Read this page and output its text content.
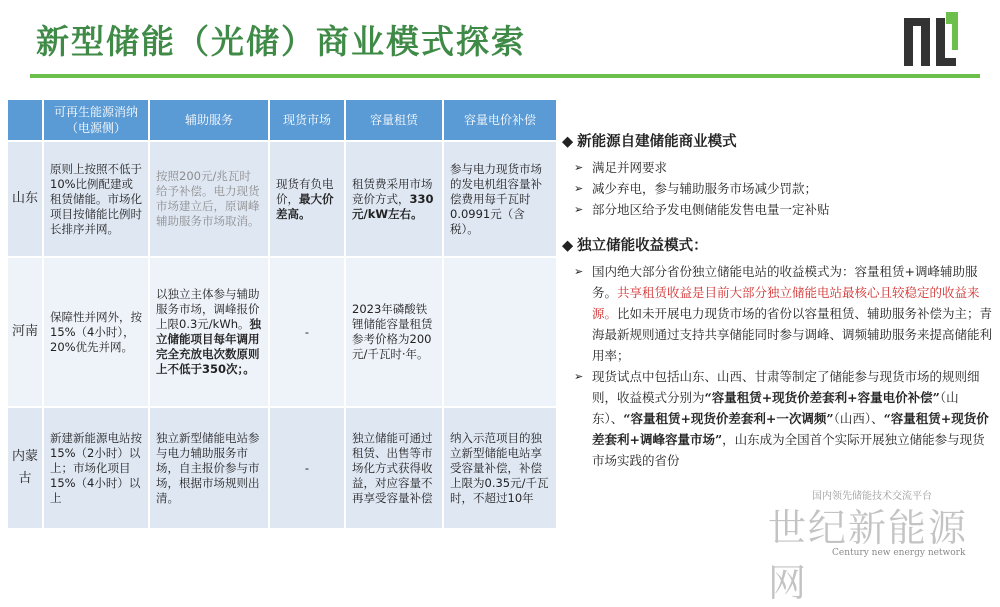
新型储能（光储）商业模式探索
	可再生能源消纳（电源侧）	辅助服务	现货市场	容量租赁	容量电价补偿
山东	原则上按照不低于10%比例配建或租赁储能。市场化项目按储能比例时长排序并网。	按照200元/兆瓦时给予补偿。电力现货市场建立后，原调峰辅助服务市场取消。	现货有负电价，最大价差高。	租赁费采用市场竞价方式，330元/kW左右。	参与电力现货市场的发电机组容量补偿费用每千瓦时0.0991元（含税）。
河南	保障性并网外，按15%（4小时），20%优先并网。	以独立主体参与辅助服务市场，调峰报价上限0.3元/kWh。独立储能项目每年调用完全充放电次数原则上不低于350次；。	-	2023年磷酸铁锂储能容量租赁参考价格为200元/千瓦时·年。	
内蒙古	新建新能源电站按15%（2小时）以上；市场化项目15%（4小时）以上	独立新型储能电站参与电力辅助服务市场，自主报价参与市场，根据市场规则出清。	-	独立储能可通过租赁、出售等市场化方式获得收益，对应容量不再享受容量补偿	纳入示范项目的独立新型储能电站享受容量补偿，补偿上限为0.35元/千瓦时，不超过10年
◆ 新能源自建储能商业模式
➢ 满足并网要求
➢ 减少弃电，参与辅助服务市场减少罚款；
➢ 部分地区给予发电侧储能发售电量一定补贴
◆ 独立储能收益模式：
➢ 国内绝大部分省份独立储能电站的收益模式为：容量租赁+调峰辅助服务。共享租赁收益是目前大部分独立储能电站最核心且较稳定的收益来源。比如未开展电力现货市场的省份以容量租赁、辅助服务补偿为主；青海最新规则通过支持共享储能同时参与调峰、调频辅助服务来提高储能利用率；
➢ 现货试点中包括山东、山西、甘肃等制定了储能参与现货市场的规则细则，收益模式分别为“容量租赁+现货价差套利+容量电价补偿”（山东）、“容量租赁+现货价差套利+一次调频”（山西）、“容量租赁+现货价差套利+调峰容量市场”，山东成为全国首个实际开展独立储能参与现货市场实践的省份
国内领先储能技术交流平台
世纪新能源网
Century new energy network
